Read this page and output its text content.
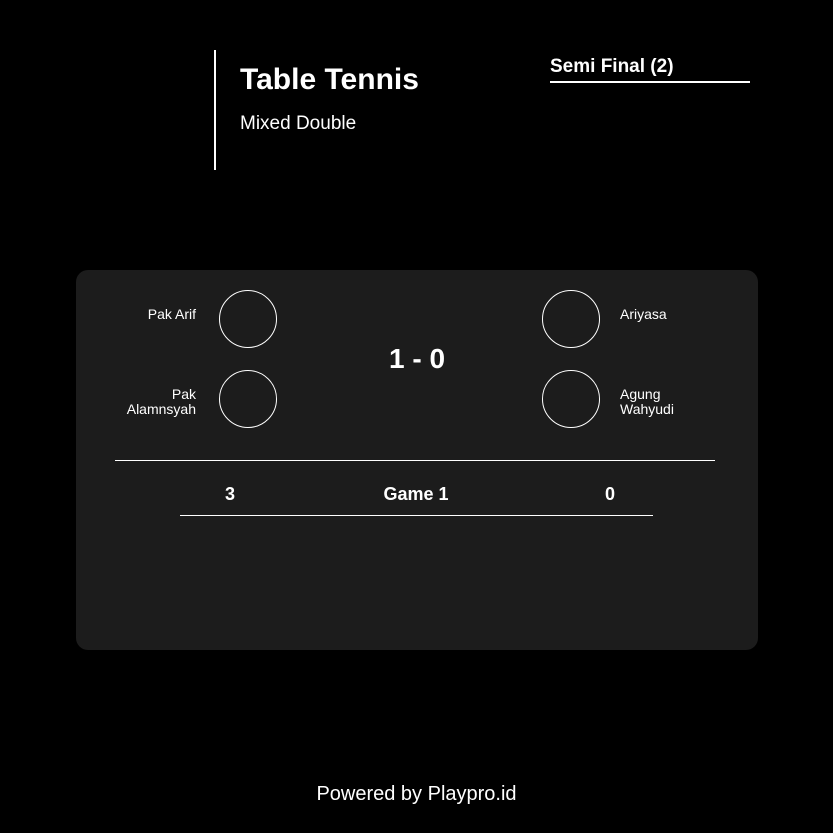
Table Tennis
Mixed Double
Semi Final (2)
Pak Arif
Pak
Alamnsyah
1 - 0
Ariyasa
Agung
Wahyudi
3	Game 1	0
Powered by Playpro.id
